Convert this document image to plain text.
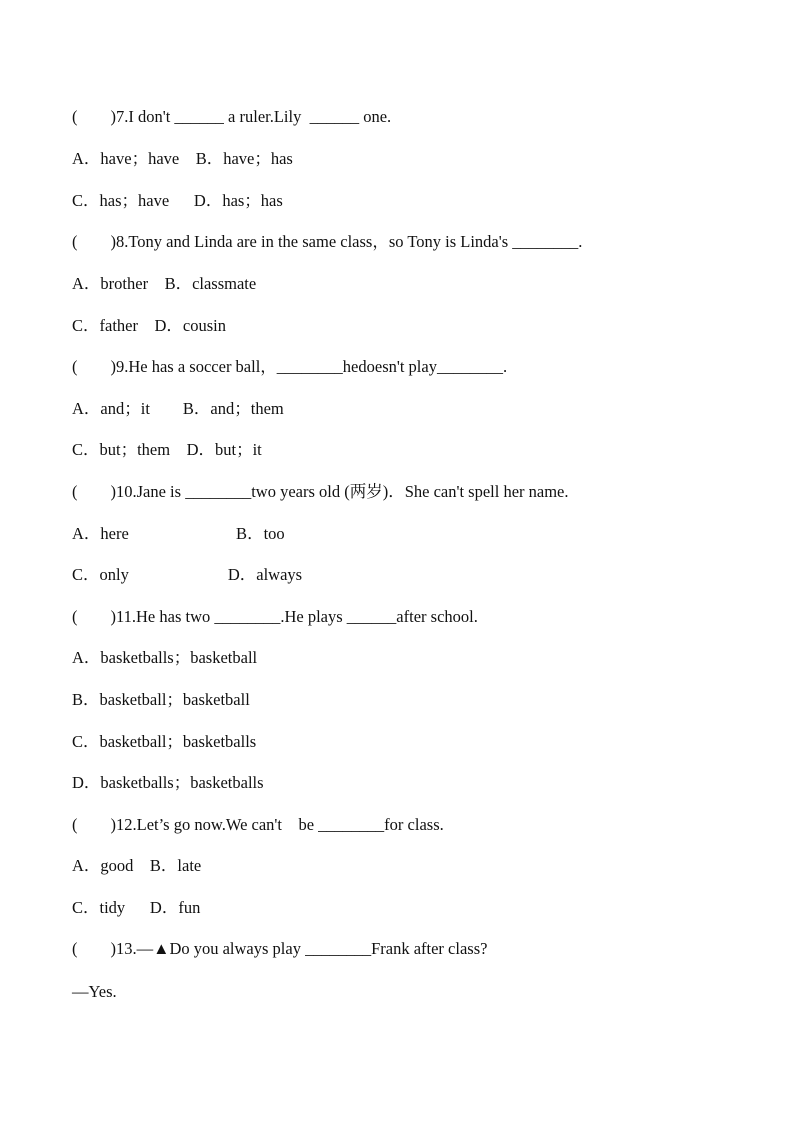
(        )7.I don't ______ a ruler.Lily  ______ one.
A．have；have    B．have；has
C．has；have      D．has；has
(        )8.Tony and Linda are in the same class，so Tony is Linda's ________.
A．brother    B．classmate
C．father    D．cousin
(        )9.He has a soccer ball，________hedoesn't play________.
A．and；it        B．and；them
C．but；them    D．but；it
(        )10.Jane is ________two years old (两岁)．She can't spell her name.
A．here                          B．too
C．only                        D．always
(        )11.He has two ________.He plays ______after school.
A．basketballs；basketball
B．basketball；basketball
C．basketball；basketballs
D．basketballs；basketballs
(        )12.Let’s go now.We can't    be ________for class.
A．good    B．late
C．tidy      D．fun
(        )13.—▲Do you always play ________Frank after class?
—Yes.
